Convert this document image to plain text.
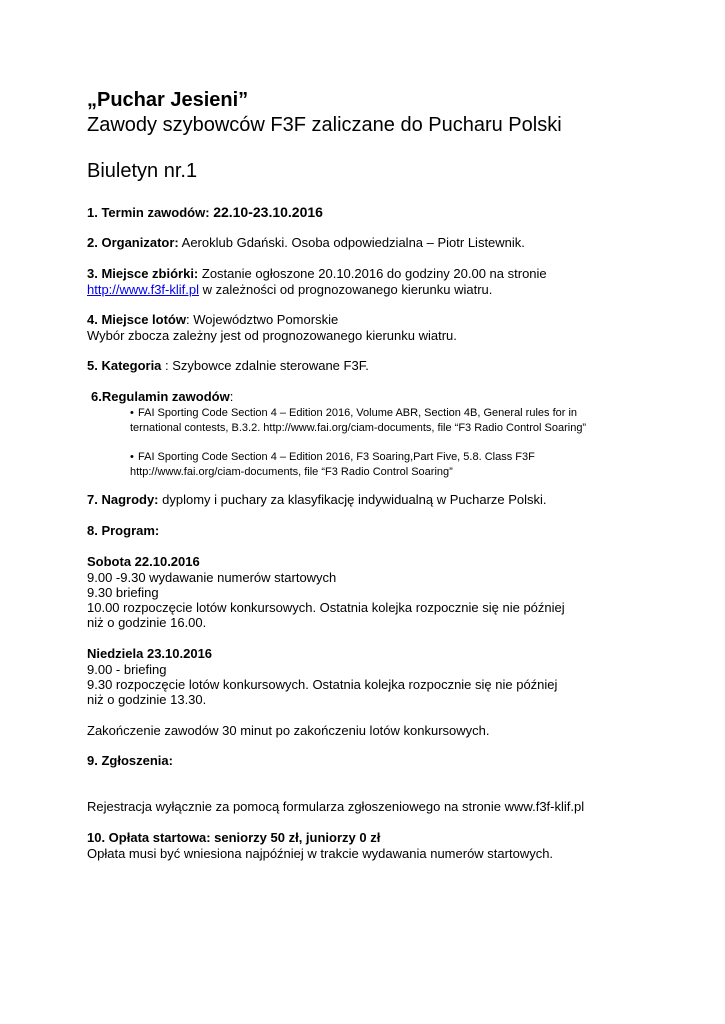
„Puchar Jesieni”
Zawody szybowców F3F zaliczane do Pucharu Polski
Biuletyn nr.1
1. Termin zawodów: 22.10-23.10.2016
2. Organizator: Aeroklub Gdański. Osoba odpowiedzialna – Piotr Listewnik.
3. Miejsce zbiórki: Zostanie ogłoszone 20.10.2016 do godziny 20.00 na stronie
http://www.f3f-klif.pl w zależności od prognozowanego kierunku wiatru.
4. Miejsce lotów: Województwo Pomorskie
Wybór zbocza zależny jest od prognozowanego kierunku wiatru.
5. Kategoria : Szybowce zdalnie sterowane F3F.
6.Regulamin zawodów:
• FAI Sporting Code Section 4 – Edition 2016, Volume ABR, Section 4B, General rules for in
ternational contests, B.3.2. http://www.fai.org/ciam-documents, file “F3 Radio Control Soaring”
• FAI Sporting Code Section 4 – Edition 2016, F3 Soaring,Part Five, 5.8. Class F3F
http://www.fai.org/ciam-documents, file “F3 Radio Control Soaring”
7. Nagrody: dyplomy i puchary za klasyfikację indywidualną w Pucharze Polski.
8. Program:
Sobota 22.10.2016
9.00 -9.30 wydawanie numerów startowych
9.30 briefing
10.00 rozpoczęcie lotów konkursowych. Ostatnia kolejka rozpocznie się nie później
niż o godzinie 16.00.
Niedziela 23.10.2016
9.00 - briefing
9.30 rozpoczęcie lotów konkursowych. Ostatnia kolejka rozpocznie się nie później
niż o godzinie 13.30.
Zakończenie zawodów 30 minut po zakończeniu lotów konkursowych.
9. Zgłoszenia:
Rejestracja wyłącznie za pomocą formularza zgłoszeniowego na stronie www.f3f-klif.pl
10. Opłata startowa: seniorzy 50 zł, juniorzy 0 zł
Opłata musi być wniesiona najpóźniej w trakcie wydawania numerów startowych.
